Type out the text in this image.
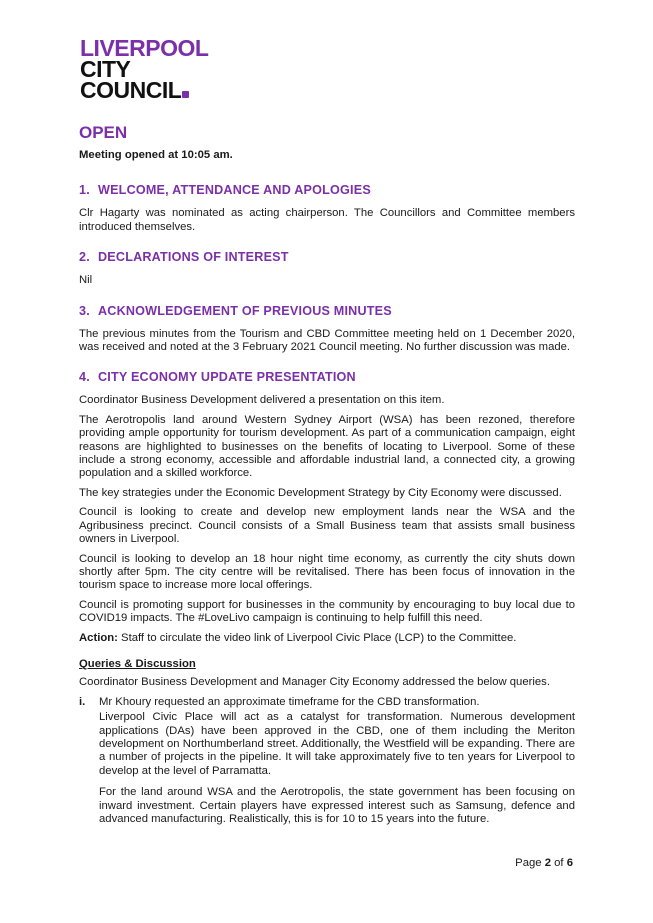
LIVERPOOL
CITY
COUNCIL
OPEN
Meeting opened at 10:05 am.
1. WELCOME, ATTENDANCE AND APOLOGIES

Clr Hagarty was nominated as acting chairperson. The Councillors and Committee members introduced themselves.

2. DECLARATIONS OF INTEREST

Nil

3. ACKNOWLEDGEMENT OF PREVIOUS MINUTES

The previous minutes from the Tourism and CBD Committee meeting held on 1 December 2020, was received and noted at the 3 February 2021 Council meeting. No further discussion was made.

4. CITY ECONOMY UPDATE PRESENTATION

Coordinator Business Development delivered a presentation on this item.

The Aerotropolis land around Western Sydney Airport (WSA) has been rezoned, therefore providing ample opportunity for tourism development. As part of a communication campaign, eight reasons are highlighted to businesses on the benefits of locating to Liverpool. Some of these include a strong economy, accessible and affordable industrial land, a connected city, a growing population and a skilled workforce.

The key strategies under the Economic Development Strategy by City Economy were discussed.

Council is looking to create and develop new employment lands near the WSA and the Agribusiness precinct. Council consists of a Small Business team that assists small business owners in Liverpool.

Council is looking to develop an 18 hour night time economy, as currently the city shuts down shortly after 5pm. The city centre will be revitalised. There has been focus of innovation in the tourism space to increase more local offerings.

Council is promoting support for businesses in the community by encouraging to buy local due to COVID19 impacts. The #LoveLivo campaign is continuing to help fulfill this need.

Action: Staff to circulate the video link of Liverpool Civic Place (LCP) to the Committee.

Queries & Discussion

Coordinator Business Development and Manager City Economy addressed the below queries.

i. Mr Khoury requested an approximate timeframe for the CBD transformation.

Liverpool Civic Place will act as a catalyst for transformation. Numerous development applications (DAs) have been approved in the CBD, one of them including the Meriton development on Northumberland street. Additionally, the Westfield will be expanding. There are a number of projects in the pipeline. It will take approximately five to ten years for Liverpool to develop at the level of Parramatta.

For the land around WSA and the Aerotropolis, the state government has been focusing on inward investment. Certain players have expressed interest such as Samsung, defence and advanced manufacturing. Realistically, this is for 10 to 15 years into the future.

Page 2 of 6
